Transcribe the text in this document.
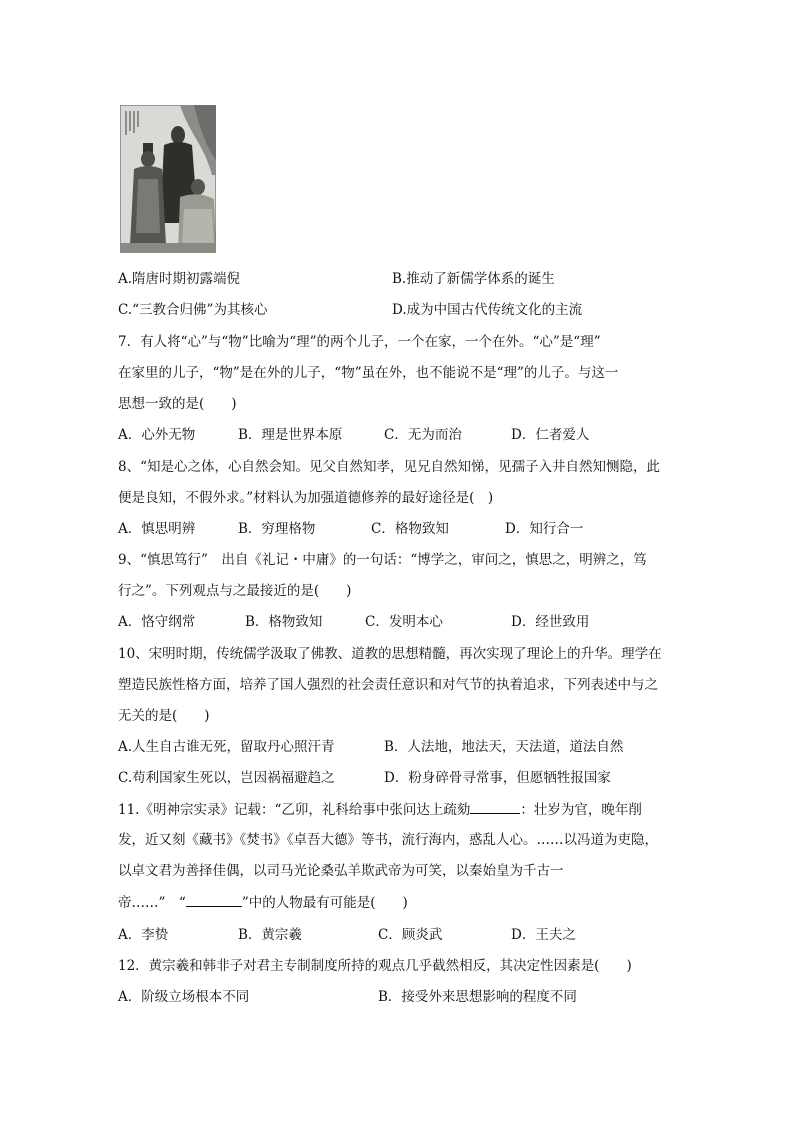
A.隋唐时期初露端倪	B.推动了新儒学体系的诞生
C.“三教合归佛”为其核心	D.成为中国古代传统文化的主流
7．有人将“心”与“物”比喻为“理”的两个儿子，一个在家，一个在外。“心”是“理”
在家里的儿子，“物”是在外的儿子，“物”虽在外，也不能说不是“理”的儿子。与这一
思想一致的是(　　)
A．心外无物	B．理是世界本原	C．无为而治	D．仁者爱人
8、“知是心之体，心自然会知。见父自然知孝，见兄自然知悌，见孺子入井自然知恻隐，此
便是良知，不假外求。”材料认为加强道德修养的最好途径是(　)
A．慎思明辨	B．穷理格物	C．格物致知	D．知行合一
9、“慎思笃行”　出自《礼记・中庸》的一句话：“博学之，审问之，慎思之，明辨之，笃
行之”。下列观点与之最接近的是(　　)
A．恪守纲常	B．格物致知	C．发明本心	D．经世致用
10、宋明时期，传统儒学汲取了佛教、道教的思想精髓，再次实现了理论上的升华。理学在
塑造民族性格方面，培养了国人强烈的社会责任意识和对气节的执着追求，下列表述中与之
无关的是(　　)
A.人生自古谁无死，留取丹心照汗青	B．人法地，地法天，天法道，道法自然
C.苟利国家生死以，岂因祸福避趋之	D．粉身碎骨寻常事，但愿牺牲报国家
11.《明神宗实录》记载：“乙卯，礼科给事中张问达上疏劾	：壮岁为官，晚年削
发，近又刻《藏书》《焚书》《卓吾大德》等书，流行海内，惑乱人心。……以冯道为吏隐，
以卓文君为善择佳偶，以司马光论桑弘羊欺武帝为可笑，以秦始皇为千古一
帝……”　“	”中的人物最有可能是(　　)
A．李贽	B．黄宗羲	C．顾炎武	D．王夫之
12．黄宗羲和韩非子对君主专制制度所持的观点几乎截然相反，其决定性因素是(　　)
A．阶级立场根本不同	B．接受外来思想影响的程度不同
